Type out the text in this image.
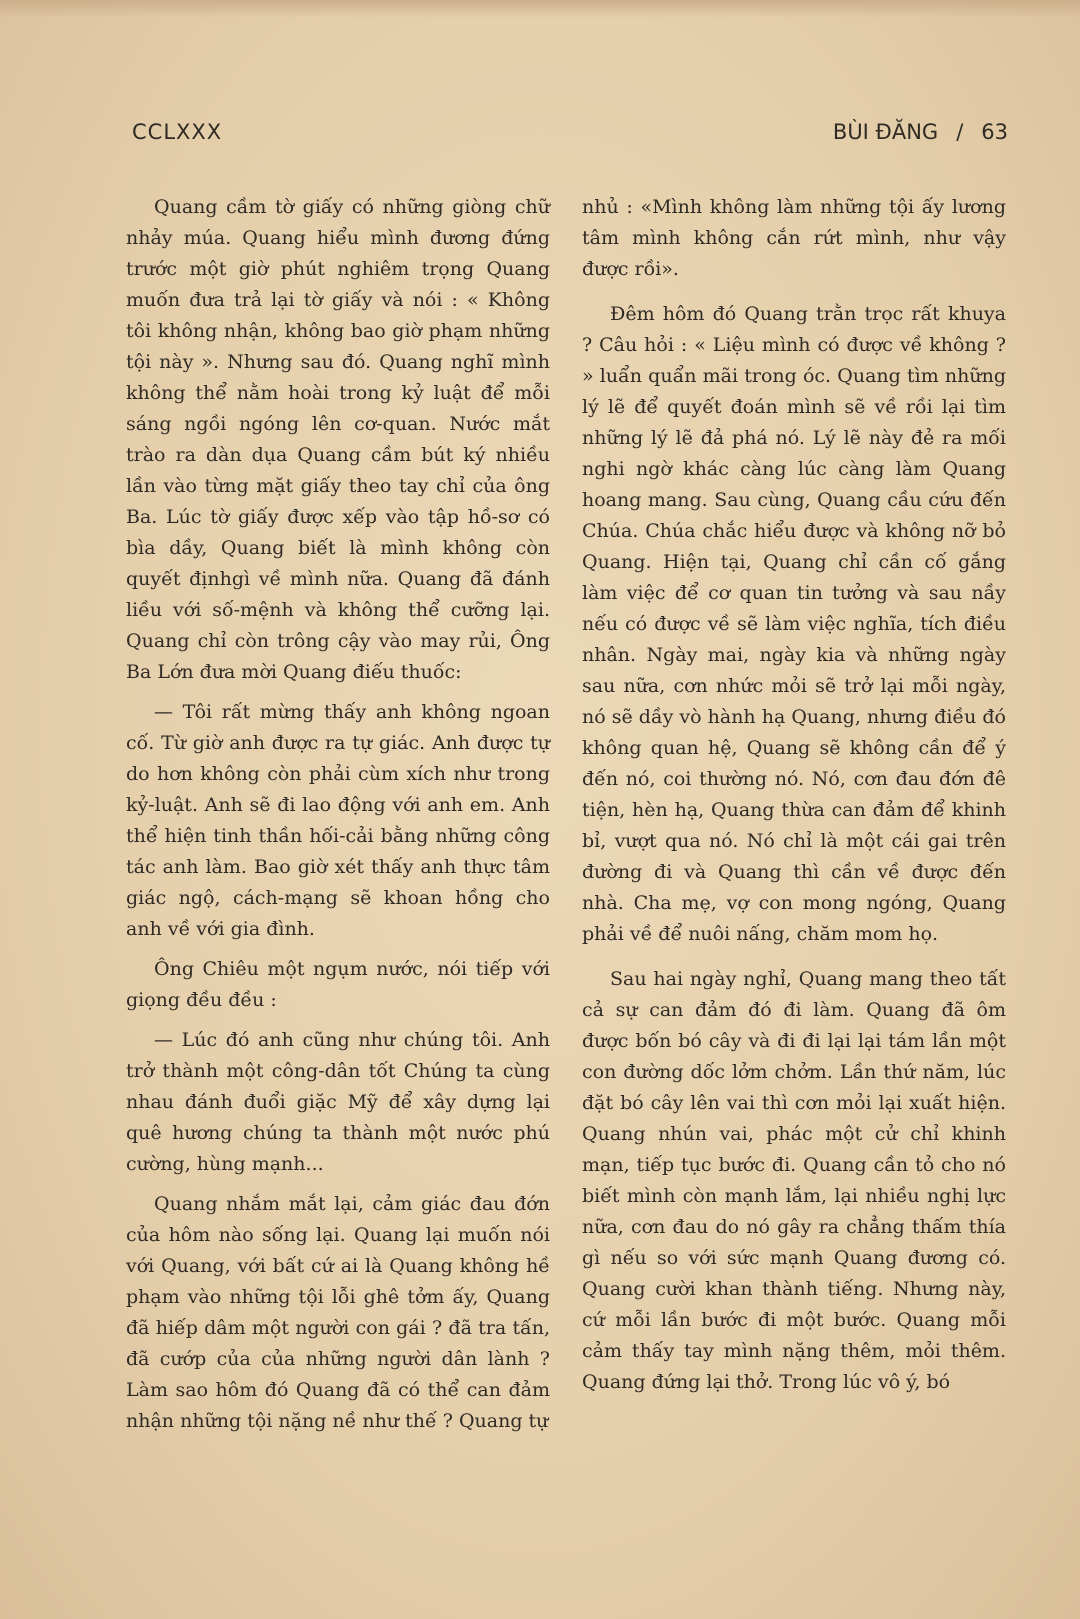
CCLXXX	BÙI ĐĂNG / 63

Quang cầm tờ giấy có những giòng chữ nhảy múa. Quang hiểu mình đương đứng trước một giờ phút nghiêm trọng Quang muốn đưa trả lại tờ giấy và nói : « Không tôi không nhận, không bao giờ phạm những tội này ». Nhưng sau đó. Quang nghĩ mình không thể nằm hoài trong kỷ luật để mỗi sáng ngồi ngóng lên cơ-quan. Nước mắt trào ra dàn dụa Quang cầm bút ký nhiều lần vào từng mặt giấy theo tay chỉ của ông Ba. Lúc tờ giấy được xếp vào tập hồ-sơ có bìa dầy, Quang biết là mình không còn quyết địnhgì về mình nữa. Quang đã đánh liều với số-mệnh và không thể cưỡng lại. Quang chỉ còn trông cậy vào may rủi, Ông Ba Lớn đưa mời Quang điếu thuốc:

— Tôi rất mừng thấy anh không ngoan cố. Từ giờ anh được ra tự giác. Anh được tự do hơn không còn phải cùm xích như trong kỷ-luật. Anh sẽ đi lao động với anh em. Anh thể hiện tinh thần hối-cải bằng những công tác anh làm. Bao giờ xét thấy anh thực tâm giác ngộ, cách-mạng sẽ khoan hồng cho anh về với gia đình.

Ông Chiêu một ngụm nước, nói tiếp với giọng đều đều :

— Lúc đó anh cũng như chúng tôi. Anh trở thành một công-dân tốt Chúng ta cùng nhau đánh đuổi giặc Mỹ để xây dựng lại quê hương chúng ta thành một nước phú cường, hùng mạnh...

Quang nhắm mắt lại, cảm giác đau đớn của hôm nào sống lại. Quang lại muốn nói với Quang, với bất cứ ai là Quang không hề phạm vào những tội lỗi ghê tởm ấy, Quang đã hiếp dâm một người con gái ? đã tra tấn, đã cướp của của những người dân lành ? Làm sao hôm đó Quang đã có thể can đảm nhận những tội nặng nề như thế ? Quang tự

nhủ : «Mình không làm những tội ấy lương tâm mình không cắn rứt mình, như vậy được rồi».

Đêm hôm đó Quang trằn trọc rất khuya ? Câu hỏi : « Liệu mình có được về không ? » luẩn quẩn mãi trong óc. Quang tìm những lý lẽ để quyết đoán mình sẽ về rồi lại tìm những lý lẽ đả phá nó. Lý lẽ này đẻ ra mối nghi ngờ khác càng lúc càng làm Quang hoang mang. Sau cùng, Quang cầu cứu đến Chúa. Chúa chắc hiểu được và không nỡ bỏ Quang. Hiện tại, Quang chỉ cần cố gắng làm việc để cơ quan tin tưởng và sau nầy nếu có được về sẽ làm việc nghĩa, tích điều nhân. Ngày mai, ngày kia và những ngày sau nữa, cơn nhức mỏi sẽ trở lại mỗi ngày, nó sẽ dầy vò hành hạ Quang, nhưng điều đó không quan hệ, Quang sẽ không cần để ý đến nó, coi thường nó. Nó, cơn đau đớn đê tiện, hèn hạ, Quang thừa can đảm để khinh bỉ, vượt qua nó. Nó chỉ là một cái gai trên đường đi và Quang thì cần về được đến nhà. Cha mẹ, vợ con mong ngóng, Quang phải về để nuôi nấng, chăm mom họ.

Sau hai ngày nghỉ, Quang mang theo tất cả sự can đảm đó đi làm. Quang đã ôm được bốn bó cây và đi đi lại lại tám lần một con đường dốc lởm chởm. Lần thứ năm, lúc đặt bó cây lên vai thì cơn mỏi lại xuất hiện. Quang nhún vai, phác một cử chỉ khinh mạn, tiếp tục bước đi. Quang cần tỏ cho nó biết mình còn mạnh lắm, lại nhiều nghị lực nữa, cơn đau do nó gây ra chẳng thấm thía gì nếu so với sức mạnh Quang đương có. Quang cười khan thành tiếng. Nhưng này, cứ mỗi lần bước đi một bước. Quang mỗi cảm thấy tay mình nặng thêm, mỏi thêm. Quang đứng lại thở. Trong lúc vô ý, bó
